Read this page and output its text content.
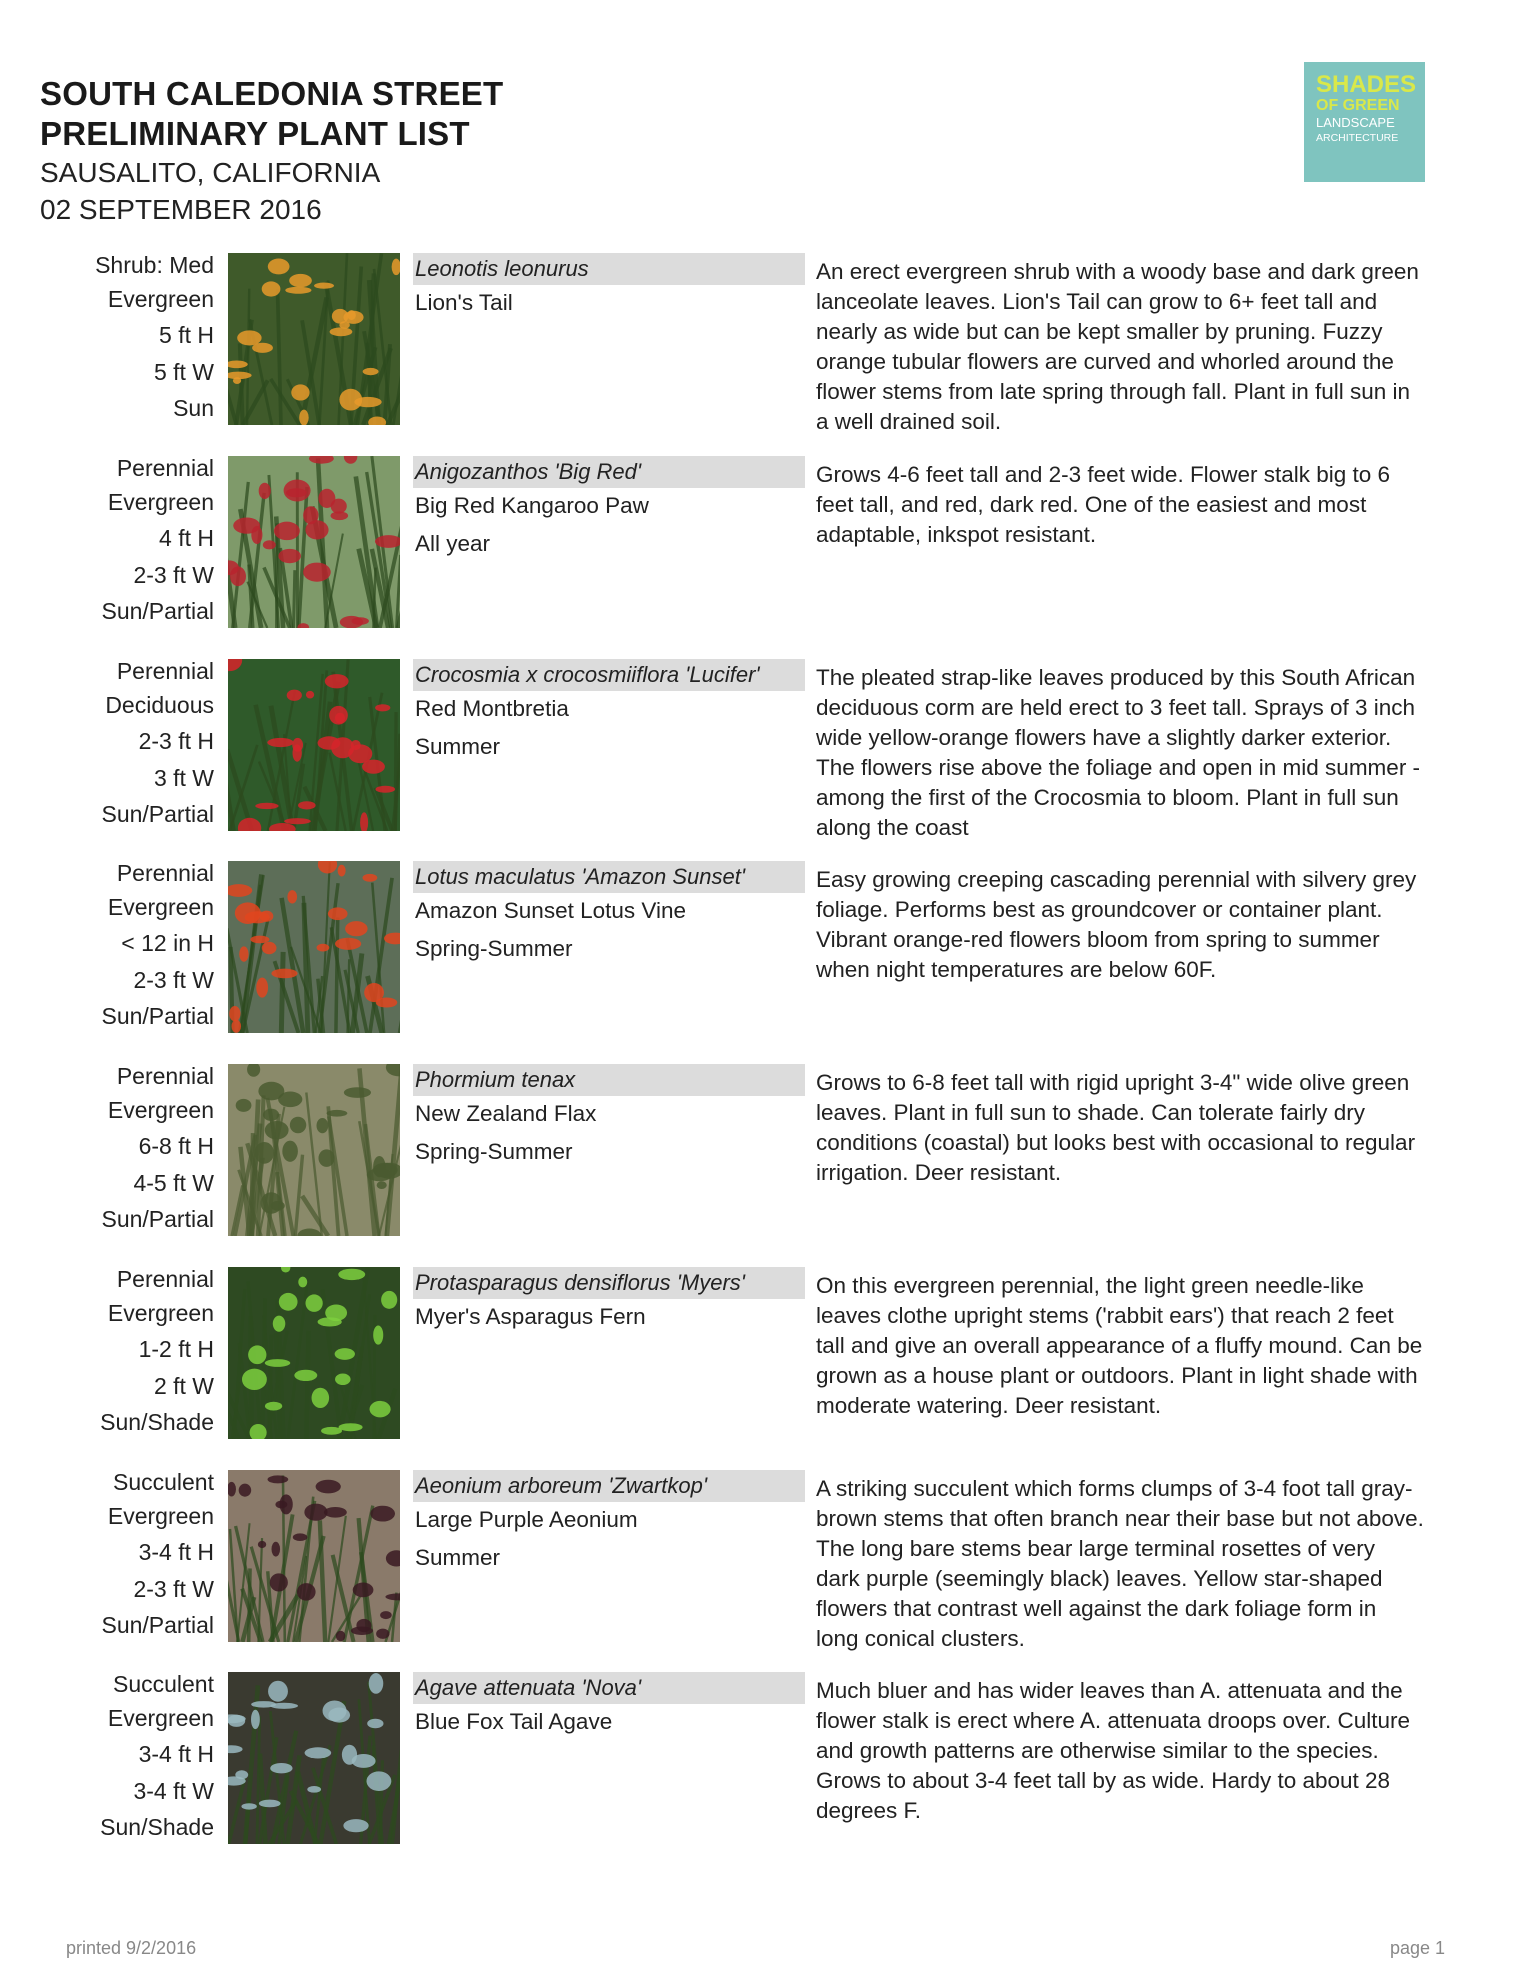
SOUTH CALEDONIA STREET
PRELIMINARY PLANT LIST
SAUSALITO, CALIFORNIA
02 SEPTEMBER 2016
SHADES
OF GREEN
LANDSCAPE
ARCHITECTURE
Shrub: Med
Evergreen
5 ft H
5 ft W
Sun
Leonotis leonurus
Lion's Tail
An erect evergreen shrub with a woody base and dark green lanceolate leaves. Lion's Tail can grow to 6+ feet tall and nearly as wide but can be kept smaller by pruning. Fuzzy orange tubular flowers are curved and whorled around the flower stems from late spring through fall. Plant in full sun in a well drained soil.
Perennial
Evergreen
4 ft H
2-3 ft W
Sun/Partial
Anigozanthos 'Big Red'
Big Red Kangaroo Paw
All year
Grows 4-6 feet tall and 2-3 feet wide. Flower stalk big to 6 feet tall, and red, dark red. One of the easiest and most adaptable, inkspot resistant.
Perennial
Deciduous
2-3 ft H
3 ft W
Sun/Partial
Crocosmia x crocosmiiflora 'Lucifer'
Red Montbretia
Summer
The pleated strap-like leaves produced by this South African deciduous corm are held erect to 3 feet tall. Sprays of 3 inch wide yellow-orange flowers have a slightly darker exterior. The flowers rise above the foliage and open in mid summer - among the first of the Crocosmia to bloom. Plant in full sun along the coast
Perennial
Evergreen
< 12 in H
2-3 ft W
Sun/Partial
Lotus maculatus 'Amazon Sunset'
Amazon Sunset Lotus Vine
Spring-Summer
Easy growing creeping cascading perennial with silvery grey foliage. Performs best as groundcover or container plant. Vibrant orange-red flowers bloom from spring to summer when night temperatures are below 60F.
Perennial
Evergreen
6-8 ft H
4-5 ft W
Sun/Partial
Phormium tenax
New Zealand Flax
Spring-Summer
Grows to 6-8 feet tall with rigid upright 3-4" wide olive green leaves. Plant in full sun to shade. Can tolerate fairly dry conditions (coastal) but looks best with occasional to regular irrigation. Deer resistant.
Perennial
Evergreen
1-2 ft H
2 ft W
Sun/Shade
Protasparagus densiflorus 'Myers'
Myer's Asparagus Fern
On this evergreen perennial, the light green needle-like leaves clothe upright stems ('rabbit ears') that reach 2 feet tall and give an overall appearance of a fluffy mound. Can be grown as a house plant or outdoors. Plant in light shade with moderate watering. Deer resistant.
Succulent
Evergreen
3-4 ft H
2-3 ft W
Sun/Partial
Aeonium arboreum 'Zwartkop'
Large Purple Aeonium
Summer
A striking succulent which forms clumps of 3-4 foot tall gray-brown stems that often branch near their base but not above. The long bare stems bear large terminal rosettes of very dark purple (seemingly black) leaves. Yellow star-shaped flowers that contrast well against the dark foliage form in long conical clusters.
Succulent
Evergreen
3-4 ft H
3-4 ft W
Sun/Shade
Agave attenuata 'Nova'
Blue Fox Tail Agave
Much bluer and has wider leaves than A. attenuata and the flower stalk is erect where A. attenuata droops over. Culture and growth patterns are otherwise similar to the species. Grows to about 3-4 feet tall by as wide. Hardy to about 28 degrees F.
printed 9/2/2016	page 1
